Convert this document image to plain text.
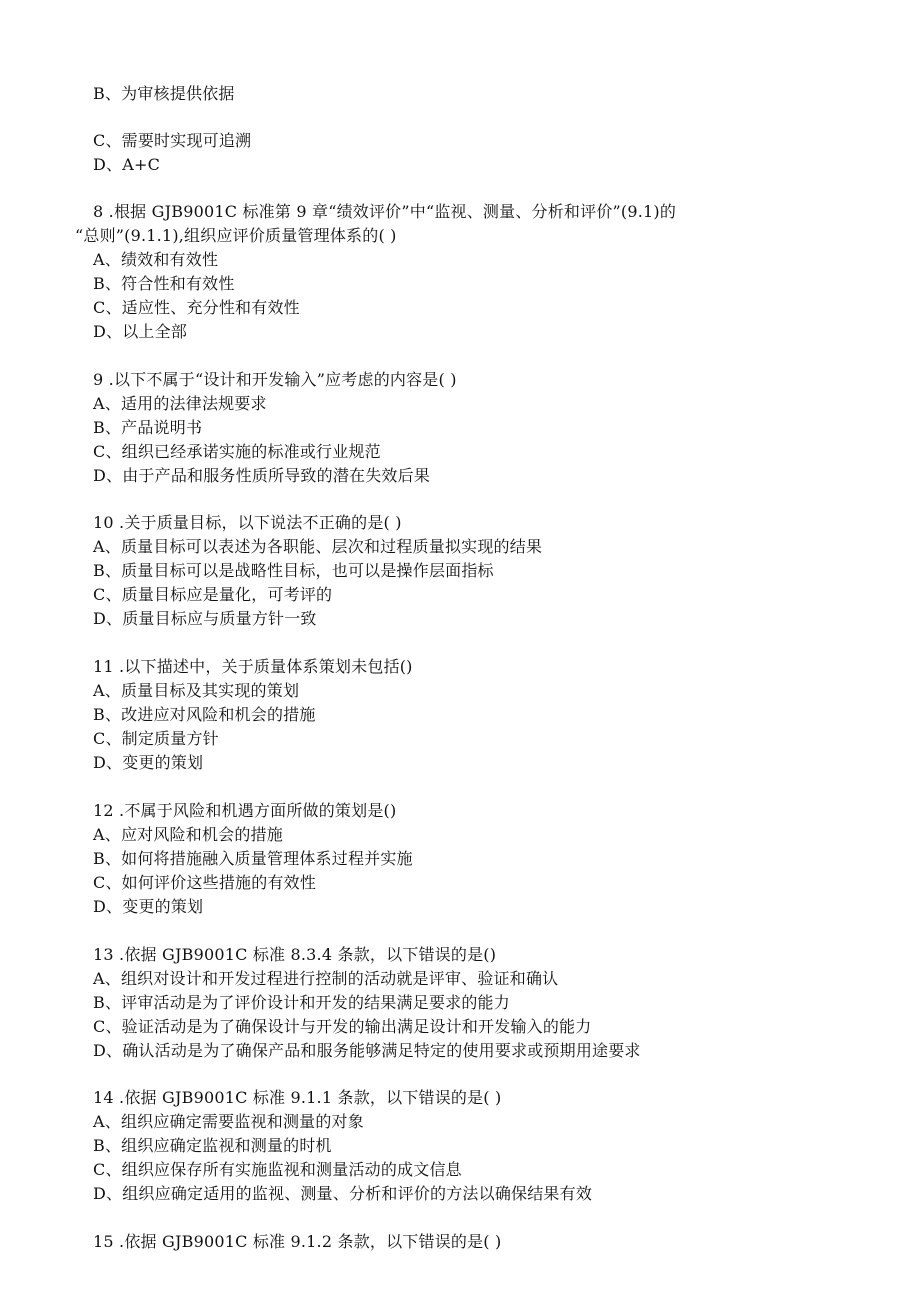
B、为审核提供依据
C、需要时实现可追溯
D、A+C
8 .根据 GJB9001C 标准第 9 章“绩效评价”中“监视、测量、分析和评价”(9.1)的
“总则”(9.1.1),组织应评价质量管理体系的( )
A、绩效和有效性
B、符合性和有效性
C、适应性、充分性和有效性
D、以上全部
9 .以下不属于“设计和开发输入”应考虑的内容是( )
A、适用的法律法规要求
B、产品说明书
C、组织已经承诺实施的标准或行业规范
D、由于产品和服务性质所导致的潜在失效后果
10 .关于质量目标，以下说法不正确的是( )
A、质量目标可以表述为各职能、层次和过程质量拟实现的结果
B、质量目标可以是战略性目标，也可以是操作层面指标
C、质量目标应是量化，可考评的
D、质量目标应与质量方针一致
11 .以下描述中，关于质量体系策划未包括()
A、质量目标及其实现的策划
B、改进应对风险和机会的措施
C、制定质量方针
D、变更的策划
12 .不属于风险和机遇方面所做的策划是()
A、应对风险和机会的措施
B、如何将措施融入质量管理体系过程并实施
C、如何评价这些措施的有效性
D、变更的策划
13 .依据 GJB9001C 标准 8.3.4 条款，以下错误的是()
A、组织对设计和开发过程进行控制的活动就是评审、验证和确认
B、评审活动是为了评价设计和开发的结果满足要求的能力
C、验证活动是为了确保设计与开发的输出满足设计和开发输入的能力
D、确认活动是为了确保产品和服务能够满足特定的使用要求或预期用途要求
14 .依据 GJB9001C 标准 9.1.1 条款，以下错误的是( )
A、组织应确定需要监视和测量的对象
B、组织应确定监视和测量的时机
C、组织应保存所有实施监视和测量活动的成文信息
D、组织应确定适用的监视、测量、分析和评价的方法以确保结果有效
15 .依据 GJB9001C 标准 9.1.2 条款，以下错误的是( )
